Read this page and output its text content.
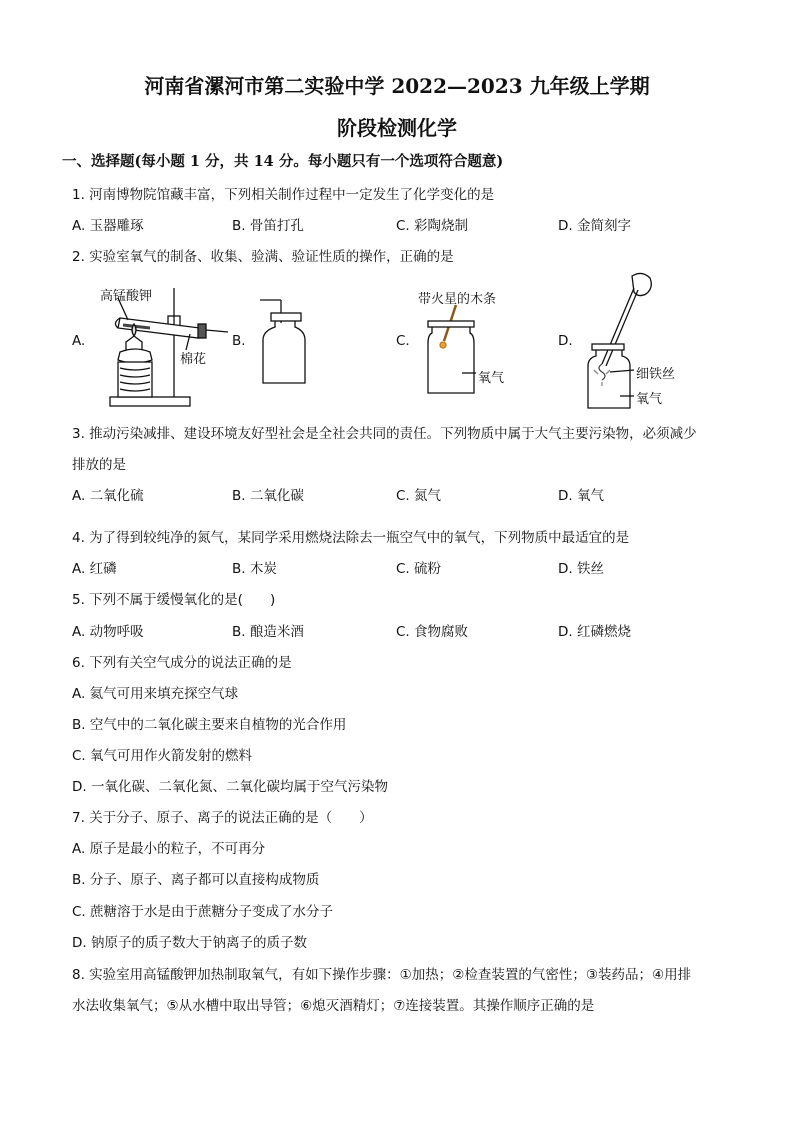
河南省漯河市第二实验中学 2022—2023 九年级上学期
阶段检测化学
一、选择题(每小题 1 分，共 14 分。每小题只有一个选项符合题意)
1. 河南博物院馆藏丰富，下列相关制作过程中一定发生了化学变化的是
A. 玉器雕琢	B. 骨笛打孔	C. 彩陶烧制	D. 金简刻字
2. 实验室氧气的制备、收集、验满、验证性质的操作，正确的是
A.	B.	C.	D.
高锰酸钾
棉花
带火星的木条
氧气	细铁丝
氧气
3. 推动污染减排、建设环境友好型社会是全社会共同的责任。下列物质中属于大气主要污染物，必须减少
排放的是
A. 二氧化硫	B. 二氧化碳	C. 氮气	D. 氧气
4. 为了得到较纯净的氮气，某同学采用燃烧法除去一瓶空气中的氧气，下列物质中最适宜的是
A. 红磷	B. 木炭	C. 硫粉	D. 铁丝
5. 下列不属于缓慢氧化的是(　　)
A. 动物呼吸	B. 酿造米酒	C. 食物腐败	D. 红磷燃烧
6. 下列有关空气成分的说法正确的是
A. 氦气可用来填充探空气球
B. 空气中的二氧化碳主要来自植物的光合作用
C. 氧气可用作火箭发射的燃料
D. 一氧化碳、二氧化氮、二氧化碳均属于空气污染物
7. 关于分子、原子、离子的说法正确的是（　　）
A. 原子是最小的粒子，不可再分
B. 分子、原子、离子都可以直接构成物质
C. 蔗糖溶于水是由于蔗糖分子变成了水分子
D. 钠原子的质子数大于钠离子的质子数
8. 实验室用高锰酸钾加热制取氧气，有如下操作步骤：①加热；②检查装置的气密性；③装药品；④用排
水法收集氧气；⑤从水槽中取出导管；⑥熄灭酒精灯；⑦连接装置。其操作顺序正确的是
